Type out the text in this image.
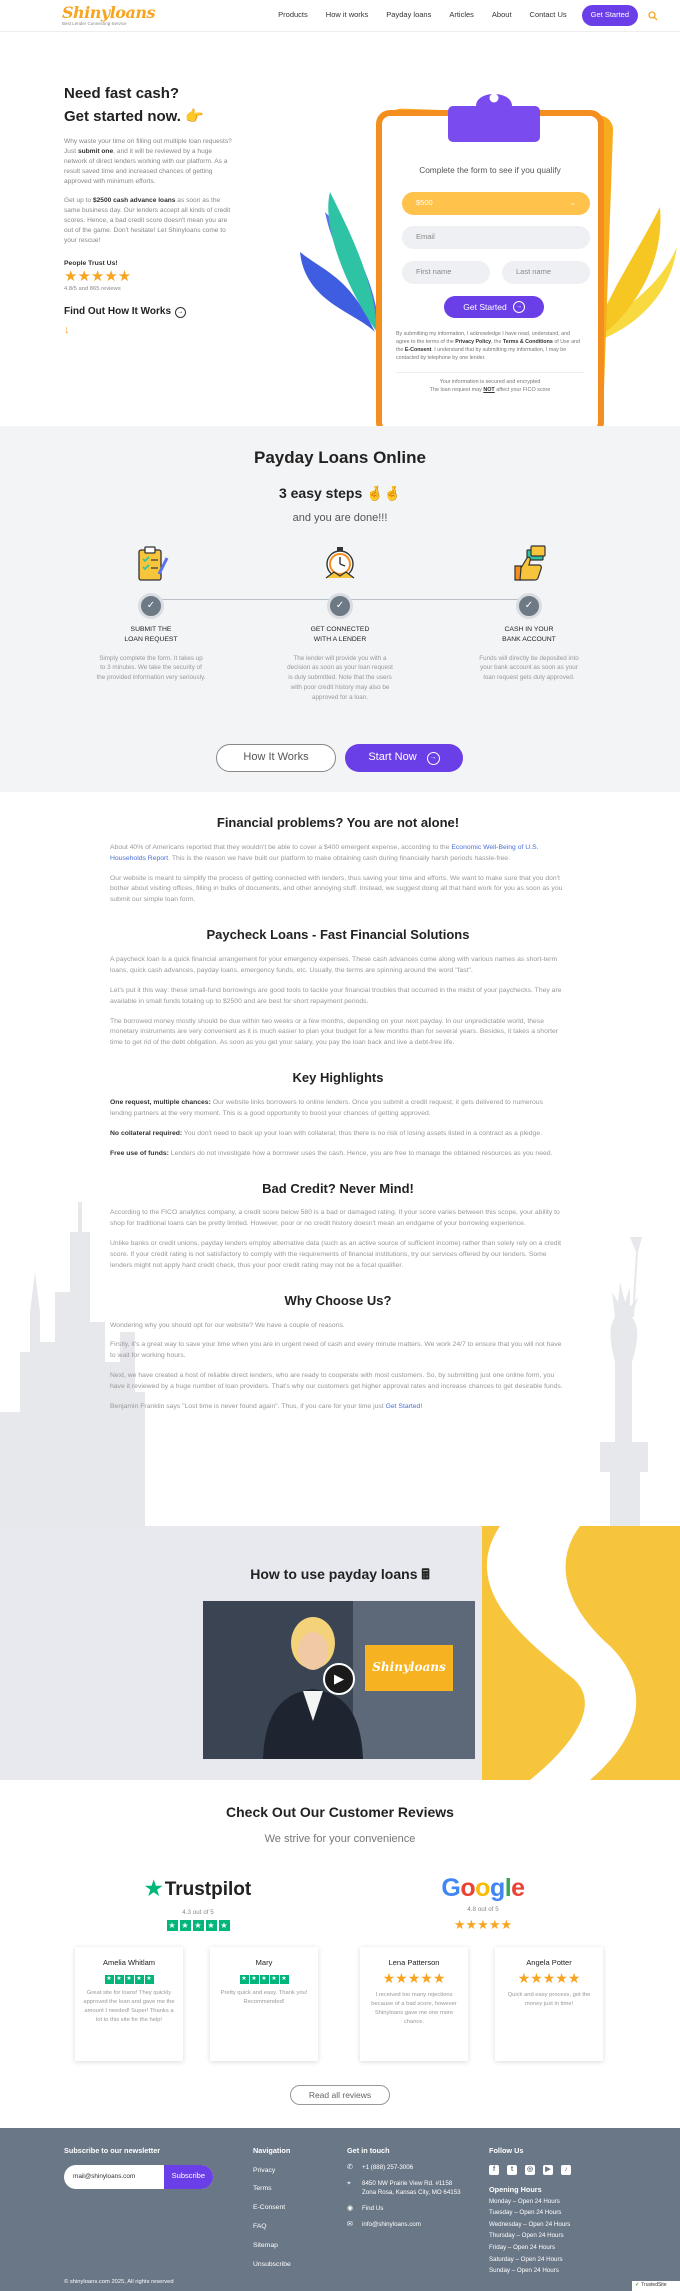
Shinyloans
Best Lender Connecting Service
Products How it works Payday loans Articles About Contact Us	Get Started
Need fast cash?
Get started now. 👉

Why waste your time on filling out multiple loan requests? Just submit one, and it will be reviewed by a huge network of direct lenders working with our platform. As a result saved time and increased chances of getting approved with minimum efforts.

Get up to $2500 cash advance loans as soon as the same business day. Our lenders accept all kinds of credit scores. Hence, a bad credit score doesn't mean you are out of the game. Don't hesitate! Let Shinyloans come to your rescue!

People Trust Us!
★★★★★
4.8/5 and 865 reviews
Find Out How It Works	→
↓
Complete the form to see if you qualify
$500	⌄
Email
First name	Last name
Get Started	→
By submitting my information, I acknowledge I have read, understand, and agree to the terms of the Privacy Policy, the Terms & Conditions of Use and the E-Consent. I understand that by submitting my information, I may be contacted by telephone by one lender.
Your information is secured and encrypted
The loan request may NOT affect your FICO score
Payday Loans Online
3 easy steps 🤞🤞
and you are done!!!
✓
SUBMIT THE
LOAN REQUEST
Simply complete the form. It takes up to 3 minutes. We take the security of the provided information very seriously.
✓
GET CONNECTED
WITH A LENDER
The lender will provide you with a decision as soon as your loan request is duly submitted. Note that the users with poor credit history may also be approved for a loan.
✓
CASH IN YOUR
BANK ACCOUNT
Funds will directly be deposited into your bank account as soon as your loan request gets duly approved.
How It Works	Start Now	→
Financial problems? You are not alone!

About 40% of Americans reported that they wouldn't be able to cover a $400 emergent expense, according to the Economic Well-Being of U.S. Households Report. This is the reason we have built our platform to make obtaining cash during financially harsh periods hassle-free.

Our website is meant to simplify the process of getting connected with lenders, thus saving your time and efforts. We want to make sure that you don't bother about visiting offices, filling in bulks of documents, and other annoying stuff. Instead, we suggest doing all that hard work for you as soon as you submit our simple loan form.

Paycheck Loans - Fast Financial Solutions

A paycheck loan is a quick financial arrangement for your emergency expenses. These cash advances come along with various names as short-term loans, quick cash advances, payday loans, emergency funds, etc. Usually, the terms are spinning around the word "fast".

Let's put it this way: these small-fund borrowings are good tools to tackle your financial troubles that occurred in the midst of your paychecks. They are available in small funds totaling up to $2500 and are best for short repayment periods.

The borrowed money mostly should be due within two weeks or a few months, depending on your next payday. In our unpredictable world, these monetary instruments are very convenient as it is much easier to plan your budget for a few months than for several years. Besides, it takes a shorter time to get rid of the debt obligation. As soon as you get your salary, you pay the loan back and live a debt-free life.

Key Highlights

One request, multiple chances: Our website links borrowers to online lenders. Once you submit a credit request, it gets delivered to numerous lending partners at the very moment. This is a good opportunity to boost your chances of getting approved.

No collateral required: You don't need to back up your loan with collateral; thus there is no risk of losing assets listed in a contract as a pledge.

Free use of funds: Lenders do not investigate how a borrower uses the cash. Hence, you are free to manage the obtained resources as you need.

Bad Credit? Never Mind!

According to the FICO analytics company, a credit score below 580 is a bad or damaged rating. If your score varies between this scope, your ability to shop for traditional loans can be pretty limited. However, poor or no credit history doesn't mean an endgame of your borrowing experience.

Unlike banks or credit unions, payday lenders employ alternative data (such as an active source of sufficient income) rather than solely rely on a credit score. If your credit rating is not satisfactory to comply with the requirements of financial institutions, try our services offered by our lenders. Some lenders might not apply hard credit check, thus your poor credit rating may not be a focal qualifier.

Why Choose Us?

Wondering why you should opt for our website? We have a couple of reasons.

Firstly, it's a great way to save your time when you are in urgent need of cash and every minute matters. We work 24/7 to ensure that you will not have to wait for working hours.

Next, we have created a host of reliable direct lenders, who are ready to cooperate with most customers. So, by submitting just one online form, you have it reviewed by a huge number of loan providers. That's why our customers get higher approval rates and increase chances to get desirable funds.

Benjamin Franklin says "Lost time is never found again". Thus, if you care for your time just Get Started!

How to use payday loans 🖩
Shinyloans
▶
Check Out Our Customer Reviews
We strive for your convenience
★ Trustpilot
4.3 out of 5
★ ★ ★ ★ ★
Google
4.8 out of 5
★★★★★
Amelia Whitlam
★ ★ ★ ★ ★
Great site for loans! They quickly approved the loan and gave me the amount I needed! Super! Thanks a lot to this site for the help!
Mary
★ ★ ★ ★ ★
Pretty quick and easy. Thank you! Recommended!
Lena Patterson
★★★★★
I received too many rejections because of a bad score, however Shinyloans gave me one more chance.
Angela Potter
★★★★★
Quick and easy process, got the money just in time!
Read all reviews
Subscribe to our newsletter
mail@shinyloans.com	Subscribe
Navigation
Privacy
Terms
E-Consent
FAQ
Sitemap
Unsubscribe
Get in touch
✆	+1 (888) 257-3006
⌖	8450 NW Prairie View Rd. #1158
Zona Rosa, Kansas City, MO 64153
◉	Find Us
✉	info@shinyloans.com
Follow Us
f	t	◎	▶	♪
Opening Hours
Monday – Open 24 Hours
Tuesday – Open 24 Hours
Wednesday – Open 24 Hours
Thursday – Open 24 Hours
Friday – Open 24 Hours
Saturday – Open 24 Hours
Sunday – Open 24 Hours
© shinyloans.com 2025, All rights reserved
✓ TrustedSite
